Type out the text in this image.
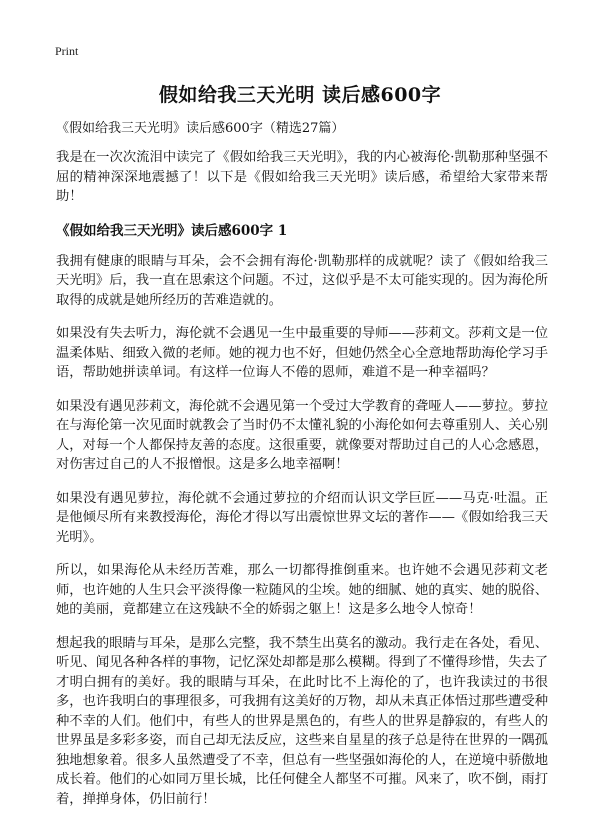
Print
假如给我三天光明 读后感600字
《假如给我三天光明》读后感600字（精选27篇）

我是在一次次流泪中读完了《假如给我三天光明》，我的内心被海伦·凯勒那种坚强不屈的精神深深地震撼了！以下是《假如给我三天光明》读后感，希望给大家带来帮助！

《假如给我三天光明》读后感600字 1

我拥有健康的眼睛与耳朵，会不会拥有海伦·凯勒那样的成就呢？读了《假如给我三天光明》后，我一直在思索这个问题。不过，这似乎是不太可能实现的。因为海伦所取得的成就是她所经历的苦难造就的。

如果没有失去听力，海伦就不会遇见一生中最重要的导师——莎莉文。莎莉文是一位温柔体贴、细致入微的老师。她的视力也不好，但她仍然全心全意地帮助海伦学习手语，帮助她拼读单词。有这样一位诲人不倦的恩师，难道不是一种幸福吗？

如果没有遇见莎莉文，海伦就不会遇见第一个受过大学教育的聋哑人——萝拉。萝拉在与海伦第一次见面时就教会了当时仍不太懂礼貌的小海伦如何去尊重别人、关心别人，对每一个人都保持友善的态度。这很重要，就像要对帮助过自己的人心念感恩，对伤害过自己的人不报憎恨。这是多么地幸福啊！

如果没有遇见萝拉，海伦就不会通过萝拉的介绍而认识文学巨匠——马克·吐温。正是他倾尽所有来教授海伦，海伦才得以写出震惊世界文坛的著作——《假如给我三天光明》。

所以，如果海伦从未经历苦难，那么一切都得推倒重来。也许她不会遇见莎莉文老师，也许她的人生只会平淡得像一粒随风的尘埃。她的细腻、她的真实、她的脱俗、她的美丽，竟都建立在这残缺不全的娇弱之躯上！这是多么地令人惊奇！

想起我的眼睛与耳朵，是那么完整，我不禁生出莫名的激动。我行走在各处，看见、听见、闻见各种各样的事物，记忆深处却都是那么模糊。得到了不懂得珍惜，失去了才明白拥有的美好。我的眼睛与耳朵，在此时比不上海伦的了，也许我读过的书很多，也许我明白的事理很多，可我拥有这美好的万物，却从未真正体悟过那些遭受种种不幸的人们。他们中，有些人的世界是黑色的，有些人的世界是静寂的，有些人的世界虽是多彩多姿，而自己却无法反应，这些来自星星的孩子总是待在世界的一隅孤独地想象着。很多人虽然遭受了不幸，但总有一些坚强如海伦的人，在逆境中骄傲地成长着。他们的心如同万里长城，比任何健全人都坚不可摧。风来了，吹不倒，雨打着，掸掸身体，仍旧前行！
